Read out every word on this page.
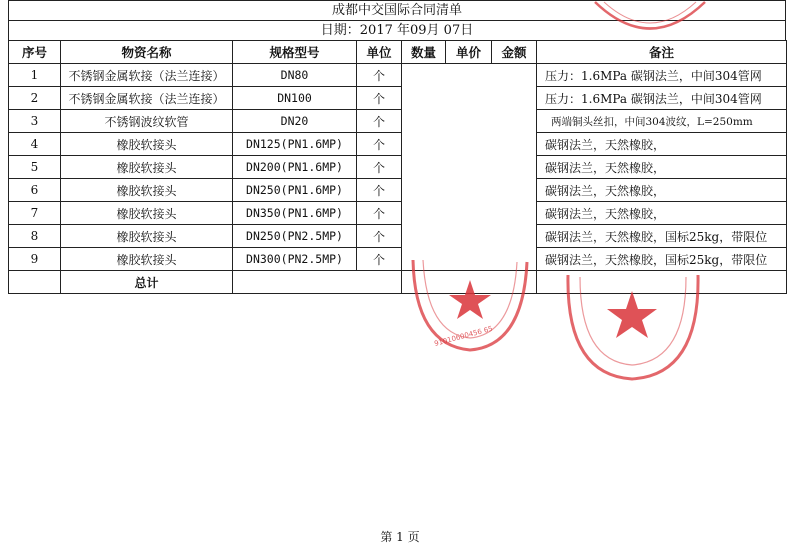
成都中交国际合同清单
日期：2017 年09月 07日
序号	物资名称	规格型号	单位	数量	单价	金额	备注
1	不锈钢金属软接（法兰连接）	DN80	个				压力：1.6MPa 碳钢法兰，中间304管网
2	不锈钢金属软接（法兰连接）	DN100	个				压力：1.6MPa 碳钢法兰，中间304管网
3	不锈钢波纹软管	DN20	个				两端铜头丝扣，中间304波纹，L=250mm
4	橡胶软接头	DN125(PN1.6MP)	个				碳钢法兰，天然橡胶，
5	橡胶软接头	DN200(PN1.6MP)	个				碳钢法兰，天然橡胶，
6	橡胶软接头	DN250(PN1.6MP)	个				碳钢法兰，天然橡胶，
7	橡胶软接头	DN350(PN1.6MP)	个				碳钢法兰，天然橡胶，
8	橡胶软接头	DN250(PN2.5MP)	个				碳钢法兰，天然橡胶，国标25kg，带限位
9	橡胶软接头	DN300(PN2.5MP)	个				碳钢法兰，天然橡胶，国标25kg，带限位
	总计						
91010600456 65
第 1 页
